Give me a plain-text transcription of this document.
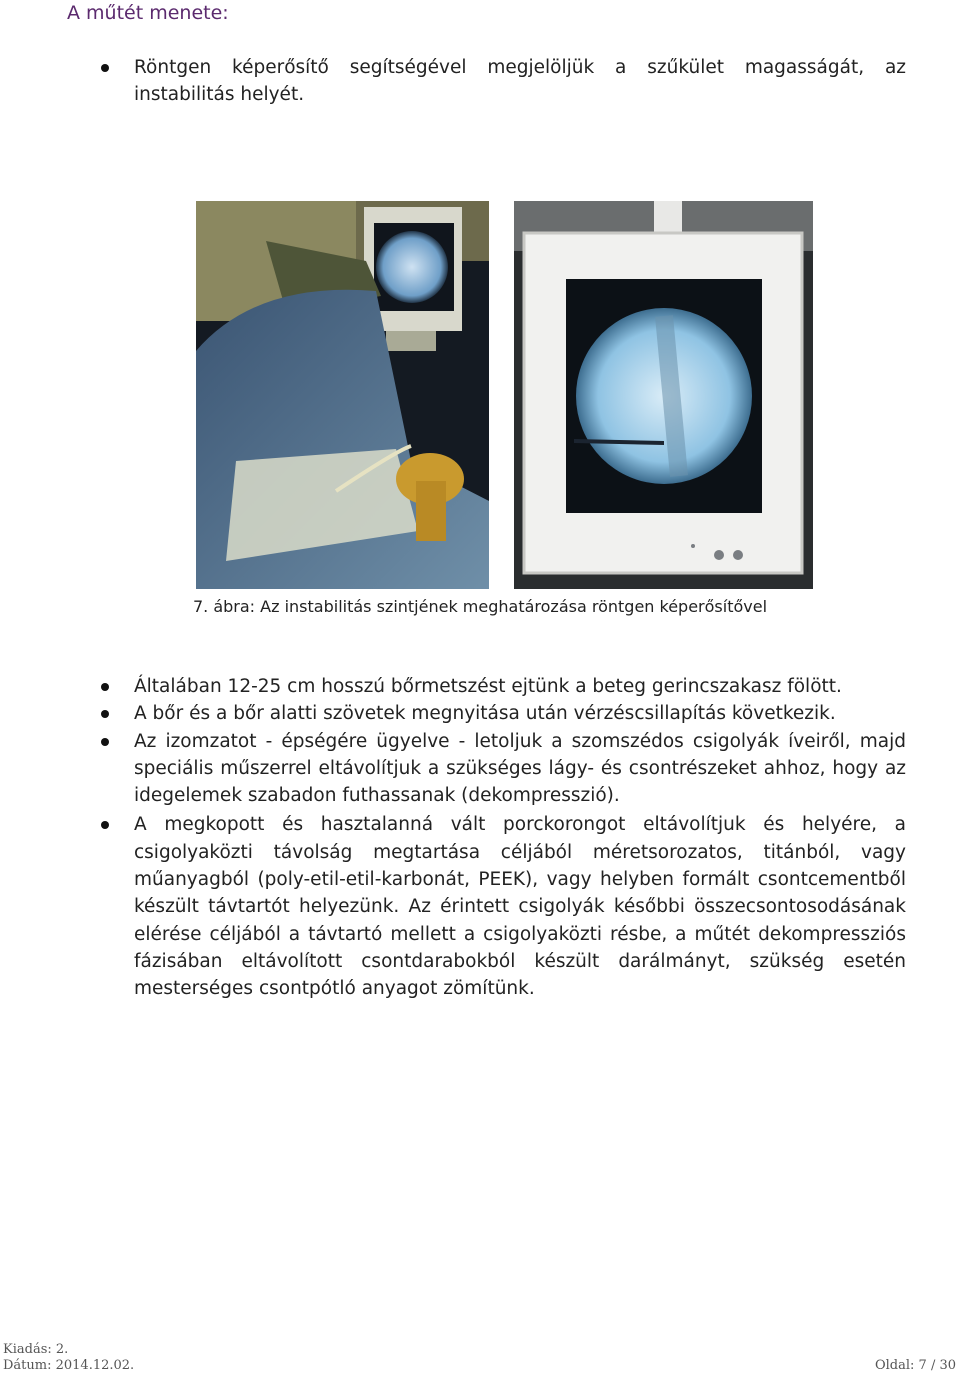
A műtét menete:
Röntgen képerősítő segítségével megjelöljük a szűkület magasságát, az instabilitás helyét.
7. ábra: Az instabilitás szintjének meghatározása röntgen képerősítővel
Általában 12-25 cm hosszú bőrmetszést ejtünk a beteg gerincszakasz fölött.
A bőr és a bőr alatti szövetek megnyitása után vérzéscsillapítás következik.
Az izomzatot - épségére ügyelve - letoljuk a szomszédos csigolyák íveiről, majd speciális műszerrel eltávolítjuk a szükséges lágy- és csontrészeket ahhoz, hogy az idegelemek szabadon futhassanak (dekompresszió).
A megkopott és hasztalanná vált porckorongot eltávolítjuk és helyére, a csigolyaközti távolság megtartása céljából méretsorozatos, titánból, vagy műanyagból (poly-etil-etil-karbonát, PEEK), vagy helyben formált csontcementből készült távtartót helyezünk. Az érintett csigolyák későbbi összecsontosodásának elérése céljából a távtartó mellett a csigolyaközti résbe, a műtét dekompressziós fázisában eltávolított csontdarabokból készült darálmányt, szükség esetén mesterséges csontpótló anyagot zömítünk.
Kiadás: 2.
Dátum: 2014.12.02.	Oldal: 7 / 30
